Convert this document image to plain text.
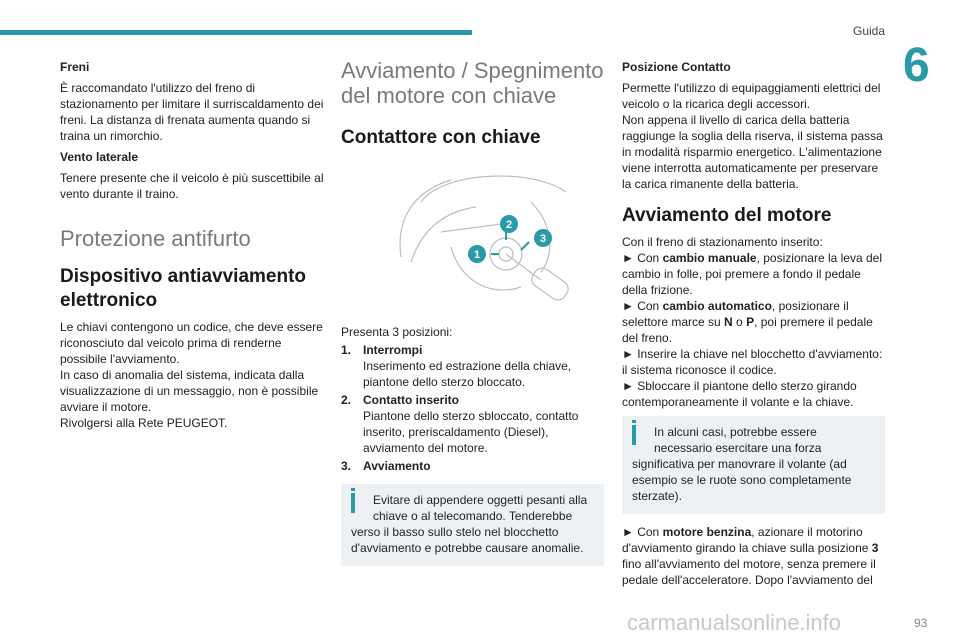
Guida
6
Freni

È raccomandato l'utilizzo del freno di stazionamento per limitare il surriscaldamento dei freni. La distanza di frenata aumenta quando si traina un rimorchio.

Vento laterale

Tenere presente che il veicolo è più suscettibile al vento durante il traino.

Protezione antifurto
Dispositivo antiavviamento elettronico

Le chiavi contengono un codice, che deve essere riconosciuto dal veicolo prima di renderne possibile l'avviamento.
In caso di anomalia del sistema, indicata dalla visualizzazione di un messaggio, non è possibile avviare il motore.
Rivolgersi alla Rete PEUGEOT.

Avviamento / Spegnimento del motore con chiave
Contattore con chiave
1
2
3

Presenta 3 posizioni:

1. Interrompi
Inserimento ed estrazione della chiave, piantone dello sterzo bloccato.
2. Contatto inserito
Piantone dello sterzo sbloccato, contatto inserito, preriscaldamento (Diesel), avviamento del motore.
3. Avviamento
Evitare di appendere oggetti pesanti alla chiave o al telecomando. Tenderebbe
verso il basso sullo stelo nel blocchetto d'avviamento e potrebbe causare anomalie.
Posizione Contatto

Permette l'utilizzo di equipaggiamenti elettrici del veicolo o la ricarica degli accessori.
Non appena il livello di carica della batteria raggiunge la soglia della riserva, il sistema passa in modalità risparmio energetico. L'alimentazione viene interrotta automaticamente per preservare la carica rimanente della batteria.

Avviamento del motore

Con il freno di stazionamento inserito:

► Con cambio manuale, posizionare la leva del cambio in folle, poi premere a fondo il pedale della frizione.

► Con cambio automatico, posizionare il selettore marce su N o P, poi premere il pedale del freno.

► Inserire la chiave nel blocchetto d'avviamento: il sistema riconosce il codice.

► Sbloccare il piantone dello sterzo girando contemporaneamente il volante e la chiave.

In alcuni casi, potrebbe essere necessario esercitare una forza
significativa per manovrare il volante (ad esempio se le ruote sono completamente sterzate).

► Con motore benzina, azionare il motorino d'avviamento girando la chiave sulla posizione 3 fino all'avviamento del motore, senza premere il pedale dell'acceleratore. Dopo l'avviamento del

carmanualsonline.info	93
